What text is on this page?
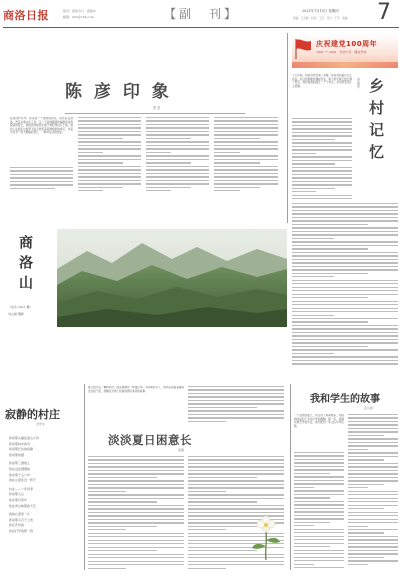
商洛日报	统刊：商洛今日 · 商报办
邮箱：slrb@163.com	【副　刊】	2021年7月15日 星期四
责编：王文新　校对：王芸　设计：王芳　美编 7
陈 彦 印 象
张 坚
在陕西作家中，陈彦是一个独特的存在。他先后在商洛、西安从事文化工作，从一个县城剧团的编剧到省级院团的院长，他的创作始终扎根于秦腔和这片土地。他的人生经历与他笔下的人物有着某种相似的命运，作品中总有一股不服输的劲儿，一种对生活的热爱。
庆祝建党100周年
1921 ── 2021 · 学史力行 · 继往开来
乡村记忆
李丽华
十五年前，爸爸带我去看了老屋，那是我的童年记忆所在。村口的那棵老槐树还在，树下的石磨已经长满了青苔，那些熟悉的面孔一个个老去，乡村的变化让人感慨。
商洛山
（农家 2021 摄）
刘占峰 摄影
寂静的村庄
洪先生
你是那山巅处高山小河
你是那林中的鸟
你是那红色的寂静
你是那炊烟
你是那三道坡上
你在远处慢慢地
你在那十五六岁
我在山里住过一阵子
村庄——一年四季
你是那大山
你在那月亮中
你在青山映照的天空
我的心里是一片
你是那小石子上的
你在开田地
你在打开的那一段
夏日的午后，蝉鸣阵阵，困意像潮水一样漫过来。小时候在乡下，奶奶总是摇着蒲扇坐在院子里，我躺在竹席上听她讲那些遥远的故事。
淡淡夏日困意长
雷雁
我和学生的故事
张兵团
一个炎热的夏天，我走进了那间教室，迎接我的是四十多双好奇的眼睛。那一年，我刚从师范学校毕业，被分配到一所山区中学任教。
